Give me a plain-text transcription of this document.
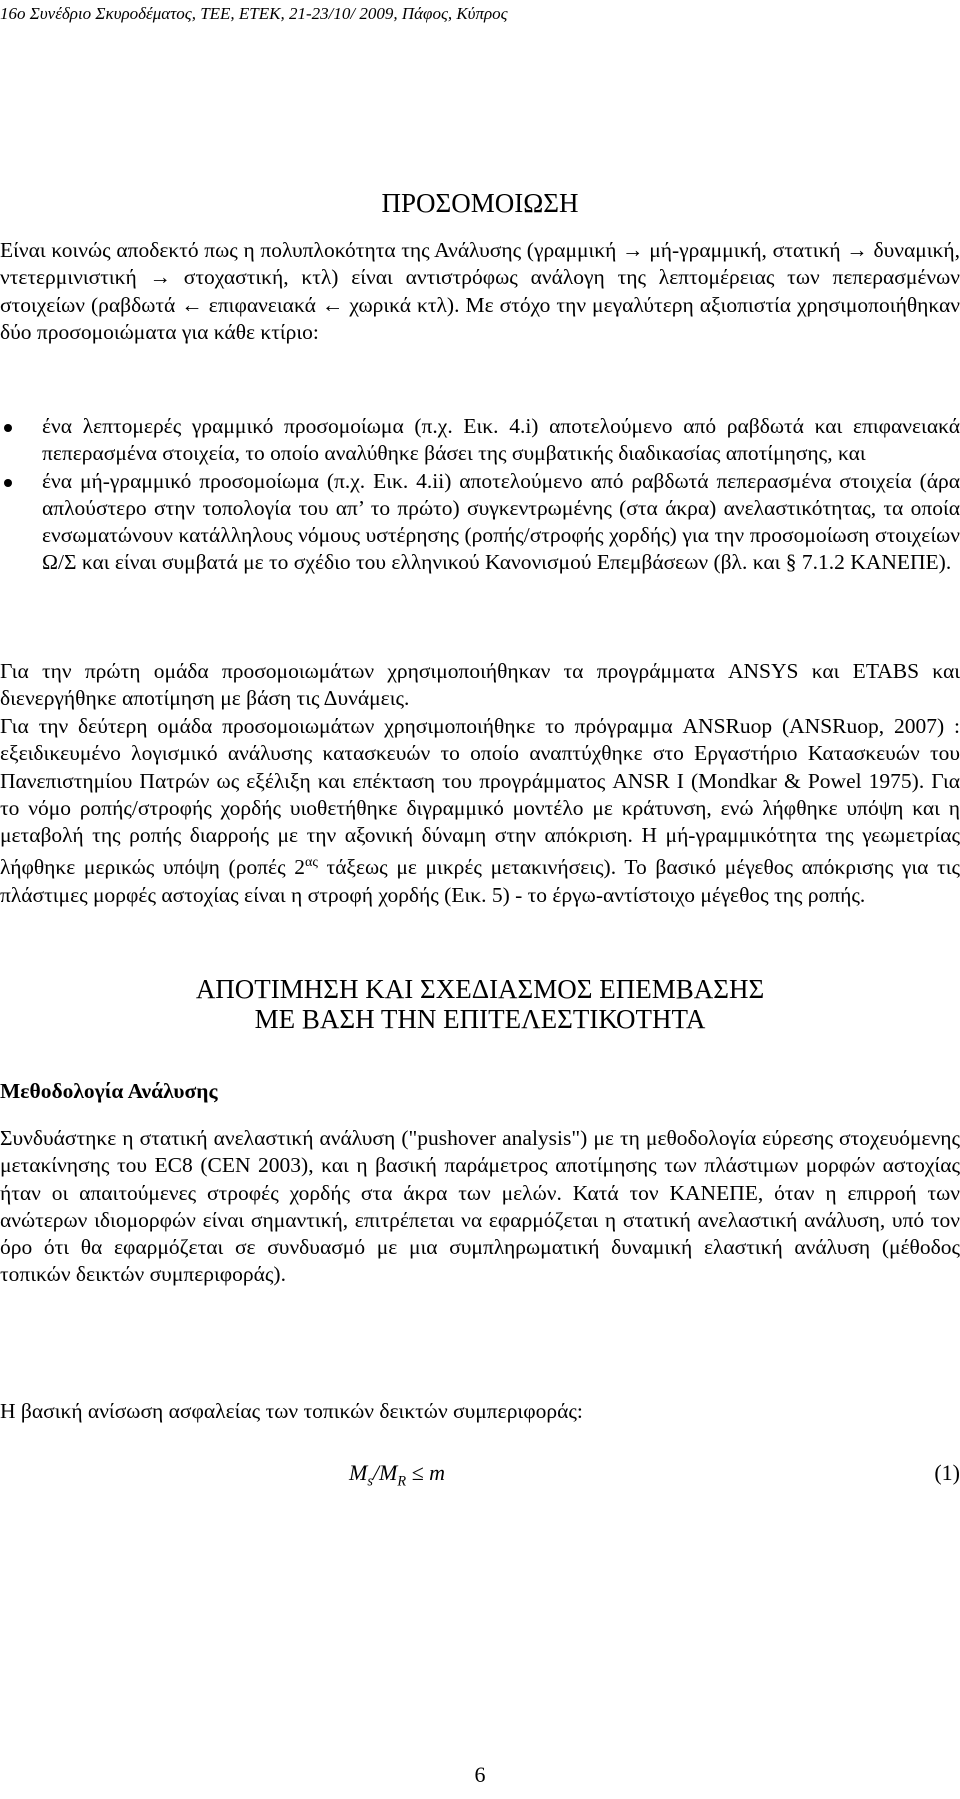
16ο Συνέδριο Σκυροδέματος, ΤΕΕ, ΕΤΕΚ, 21-23/10/ 2009, Πάφος, Κύπρος
ΠΡΟΣΟΜΟΙΩΣΗ

Είναι κοινώς αποδεκτό πως η πολυπλοκότητα της Ανάλυσης (γραμμική → μή-γραμμική, στατική → δυναμική, ντετερμινιστική → στοχαστική, κτλ) είναι αντιστρόφως ανάλογη της λεπτομέρειας των πεπερασμένων στοιχείων (ραβδωτά ← επιφανειακά ← χωρικά κτλ). Με στόχο την μεγαλύτερη αξιοπιστία χρησιμοποιήθηκαν δύο προσομοιώματα για κάθε κτίριο:

ένα λεπτομερές γραμμικό προσομοίωμα (π.χ. Εικ. 4.i) αποτελούμενο από ραβδωτά και επιφανειακά πεπερασμένα στοιχεία, το οποίο αναλύθηκε βάσει της συμβατικής διαδικασίας αποτίμησης, και
ένα μή-γραμμικό προσομοίωμα (π.χ. Εικ. 4.ii) αποτελούμενο από ραβδωτά πεπερασμένα στοιχεία (άρα απλούστερο στην τοπολογία του απ’ το πρώτο) συγκεντρωμένης (στα άκρα) ανελαστικότητας, τα οποία ενσωματώνουν κατάλληλους νόμους υστέρησης (ροπής/στροφής χορδής) για την προσομοίωση στοιχείων Ω/Σ και είναι συμβατά με το σχέδιο του ελληνικού Κανονισμού Επεμβάσεων (βλ. και § 7.1.2 ΚΑΝΕΠΕ).

Για την πρώτη ομάδα προσομοιωμάτων χρησιμοποιήθηκαν τα προγράμματα ANSYS και ETABS και διενεργήθηκε αποτίμηση με βάση τις Δυνάμεις.

Για την δεύτερη ομάδα προσομοιωμάτων χρησιμοποιήθηκε το πρόγραμμα ANSRuop (ANSRuop, 2007) : εξειδικευμένο λογισμικό ανάλυσης κατασκευών το οποίο αναπτύχθηκε στο Εργαστήριο Κατασκευών του Πανεπιστημίου Πατρών ως εξέλιξη και επέκταση του προγράμματος ANSR I (Mondkar & Powel 1975). Για το νόμο ροπής/στροφής χορδής υιοθετήθηκε διγραμμικό μοντέλο με κράτυνση, ενώ λήφθηκε υπόψη και η μεταβολή της ροπής διαρροής με την αξονική δύναμη στην απόκριση. Η μή-γραμμικότητα της γεωμετρίας λήφθηκε μερικώς υπόψη (ροπές $2^{\alpha\varsigma}$ τάξεως με μικρές μετακινήσεις). Το βασικό μέγεθος απόκρισης για τις πλάστιμες μορφές αστοχίας είναι η στροφή χορδής (Εικ. 5) - το έργω-αντίστοιχο μέγεθος της ροπής.

ΑΠΟΤΙΜΗΣΗ ΚΑΙ ΣΧΕΔΙΑΣΜΟΣ ΕΠΕΜΒΑΣΗΣ
ΜΕ ΒΑΣΗ ΤΗΝ ΕΠΙΤΕΛΕΣΤΙΚΟΤΗΤΑ
Μεθοδολογία Ανάλυσης

Συνδυάστηκε η στατική ανελαστική ανάλυση ("pushover analysis") με τη μεθοδολογία εύρεσης στοχευόμενης μετακίνησης του EC8 (CEN 2003), και η βασική παράμετρος αποτίμησης των πλάστιμων μορφών αστοχίας ήταν οι απαιτούμενες στροφές χορδής στα άκρα των μελών. Κατά τον ΚΑΝΕΠΕ, όταν η επιρροή των ανώτερων ιδιομορφών είναι σημαντική, επιτρέπεται να εφαρμόζεται η στατική ανελαστική ανάλυση, υπό τον όρο ότι θα εφαρμόζεται σε συνδυασμό με μια συμπληρωματική δυναμική ελαστική ανάλυση (μέθοδος τοπικών δεικτών συμπεριφοράς).

Η βασική ανίσωση ασφαλείας των τοπικών δεικτών συμπεριφοράς:

$M_s/M_R \le m$	(1)
6
